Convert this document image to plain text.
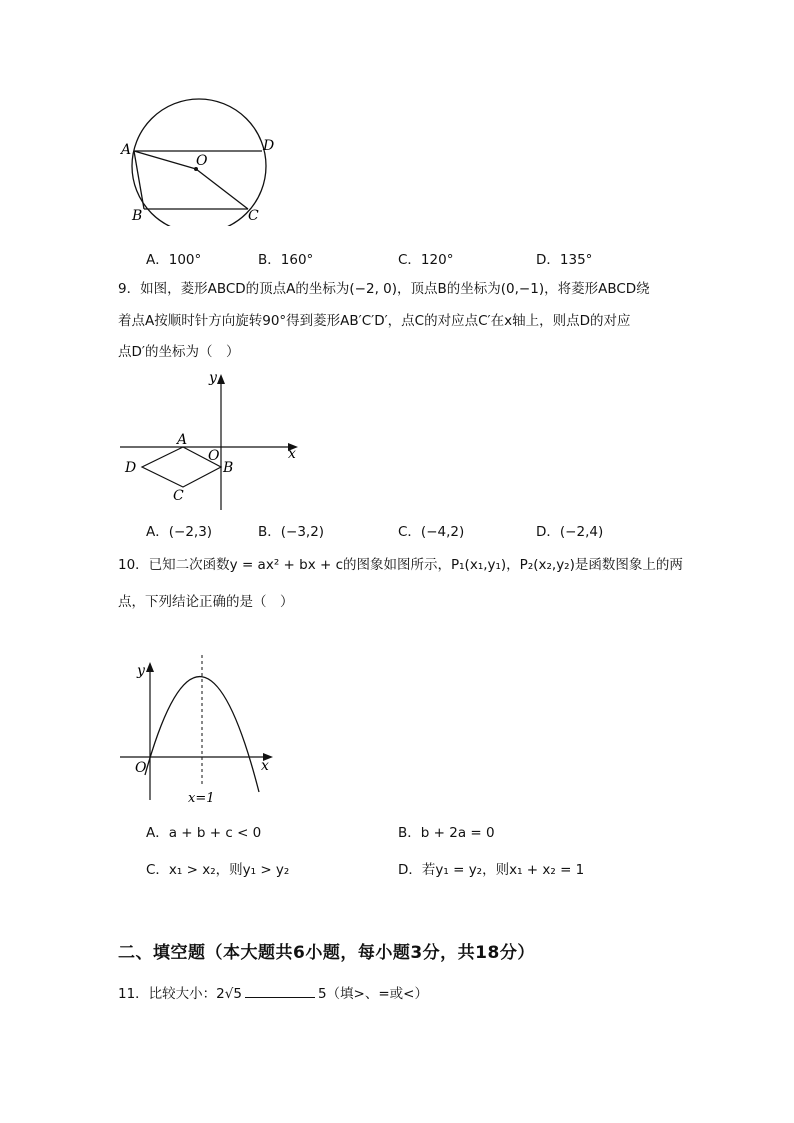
A	D
O
B	C
A．100°	B．160°	C．120°	D．135°
9．如图，菱形ABCD的顶点A的坐标为(−2, 0)，顶点B的坐标为(0,−1)，将菱形ABCD绕
着点A按顺时针方向旋转90°得到菱形AB′C′D′，点C的对应点C′在x轴上，则点D的对应
点D′的坐标为（　）
y
x
A
O
B
C
D
A．(−2,3)	B．(−3,2)	C．(−4,2)	D．(−2,4)
10．已知二次函数y = ax² + bx + c的图象如图所示，P₁(x₁,y₁)，P₂(x₂,y₂)是函数图象上的两
点，下列结论正确的是（　）
y
x
O
x=1
A．a + b + c < 0	B．b + 2a = 0
C．x₁ > x₂，则y₁ > y₂	D．若y₁ = y₂，则x₁ + x₂ = 1
二、填空题（本大题共6小题，每小题3分，共18分）
11．比较大小：2√5	5（填>、=或<）
